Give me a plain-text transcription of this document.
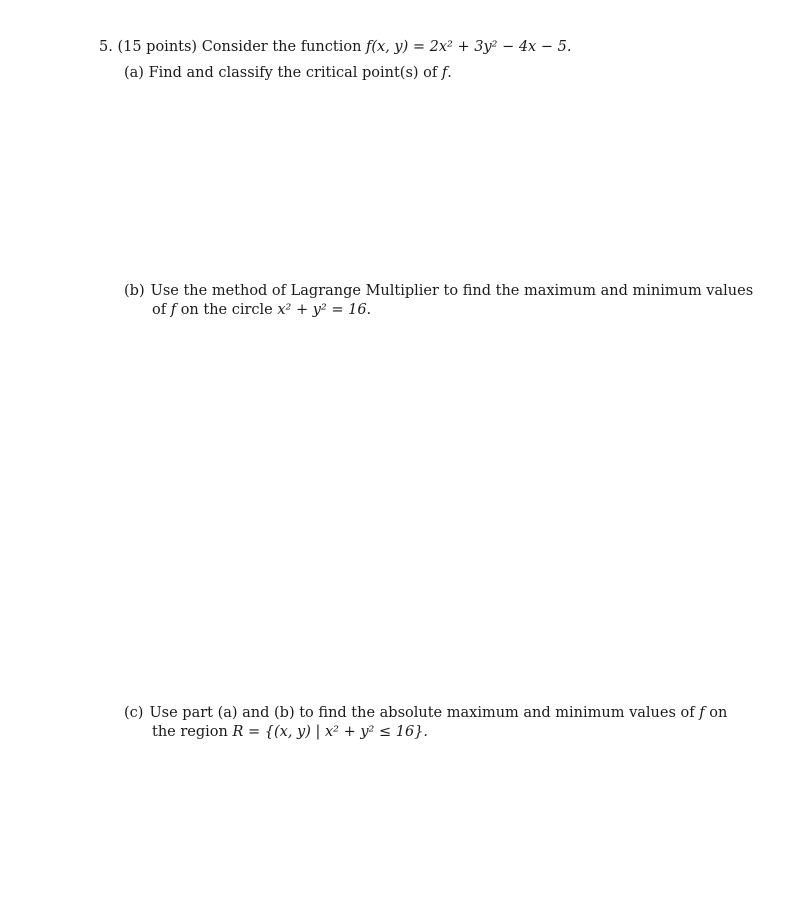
5. (15 points) Consider the function f(x, y) = 2x² + 3y² − 4x − 5.
(a) Find and classify the critical point(s) of f.
(b) Use the method of Lagrange Multiplier to find the maximum and minimum values
of f on the circle x² + y² = 16.
(c) Use part (a) and (b) to find the absolute maximum and minimum values of f on
the region R = {(x, y) | x² + y² ≤ 16}.
